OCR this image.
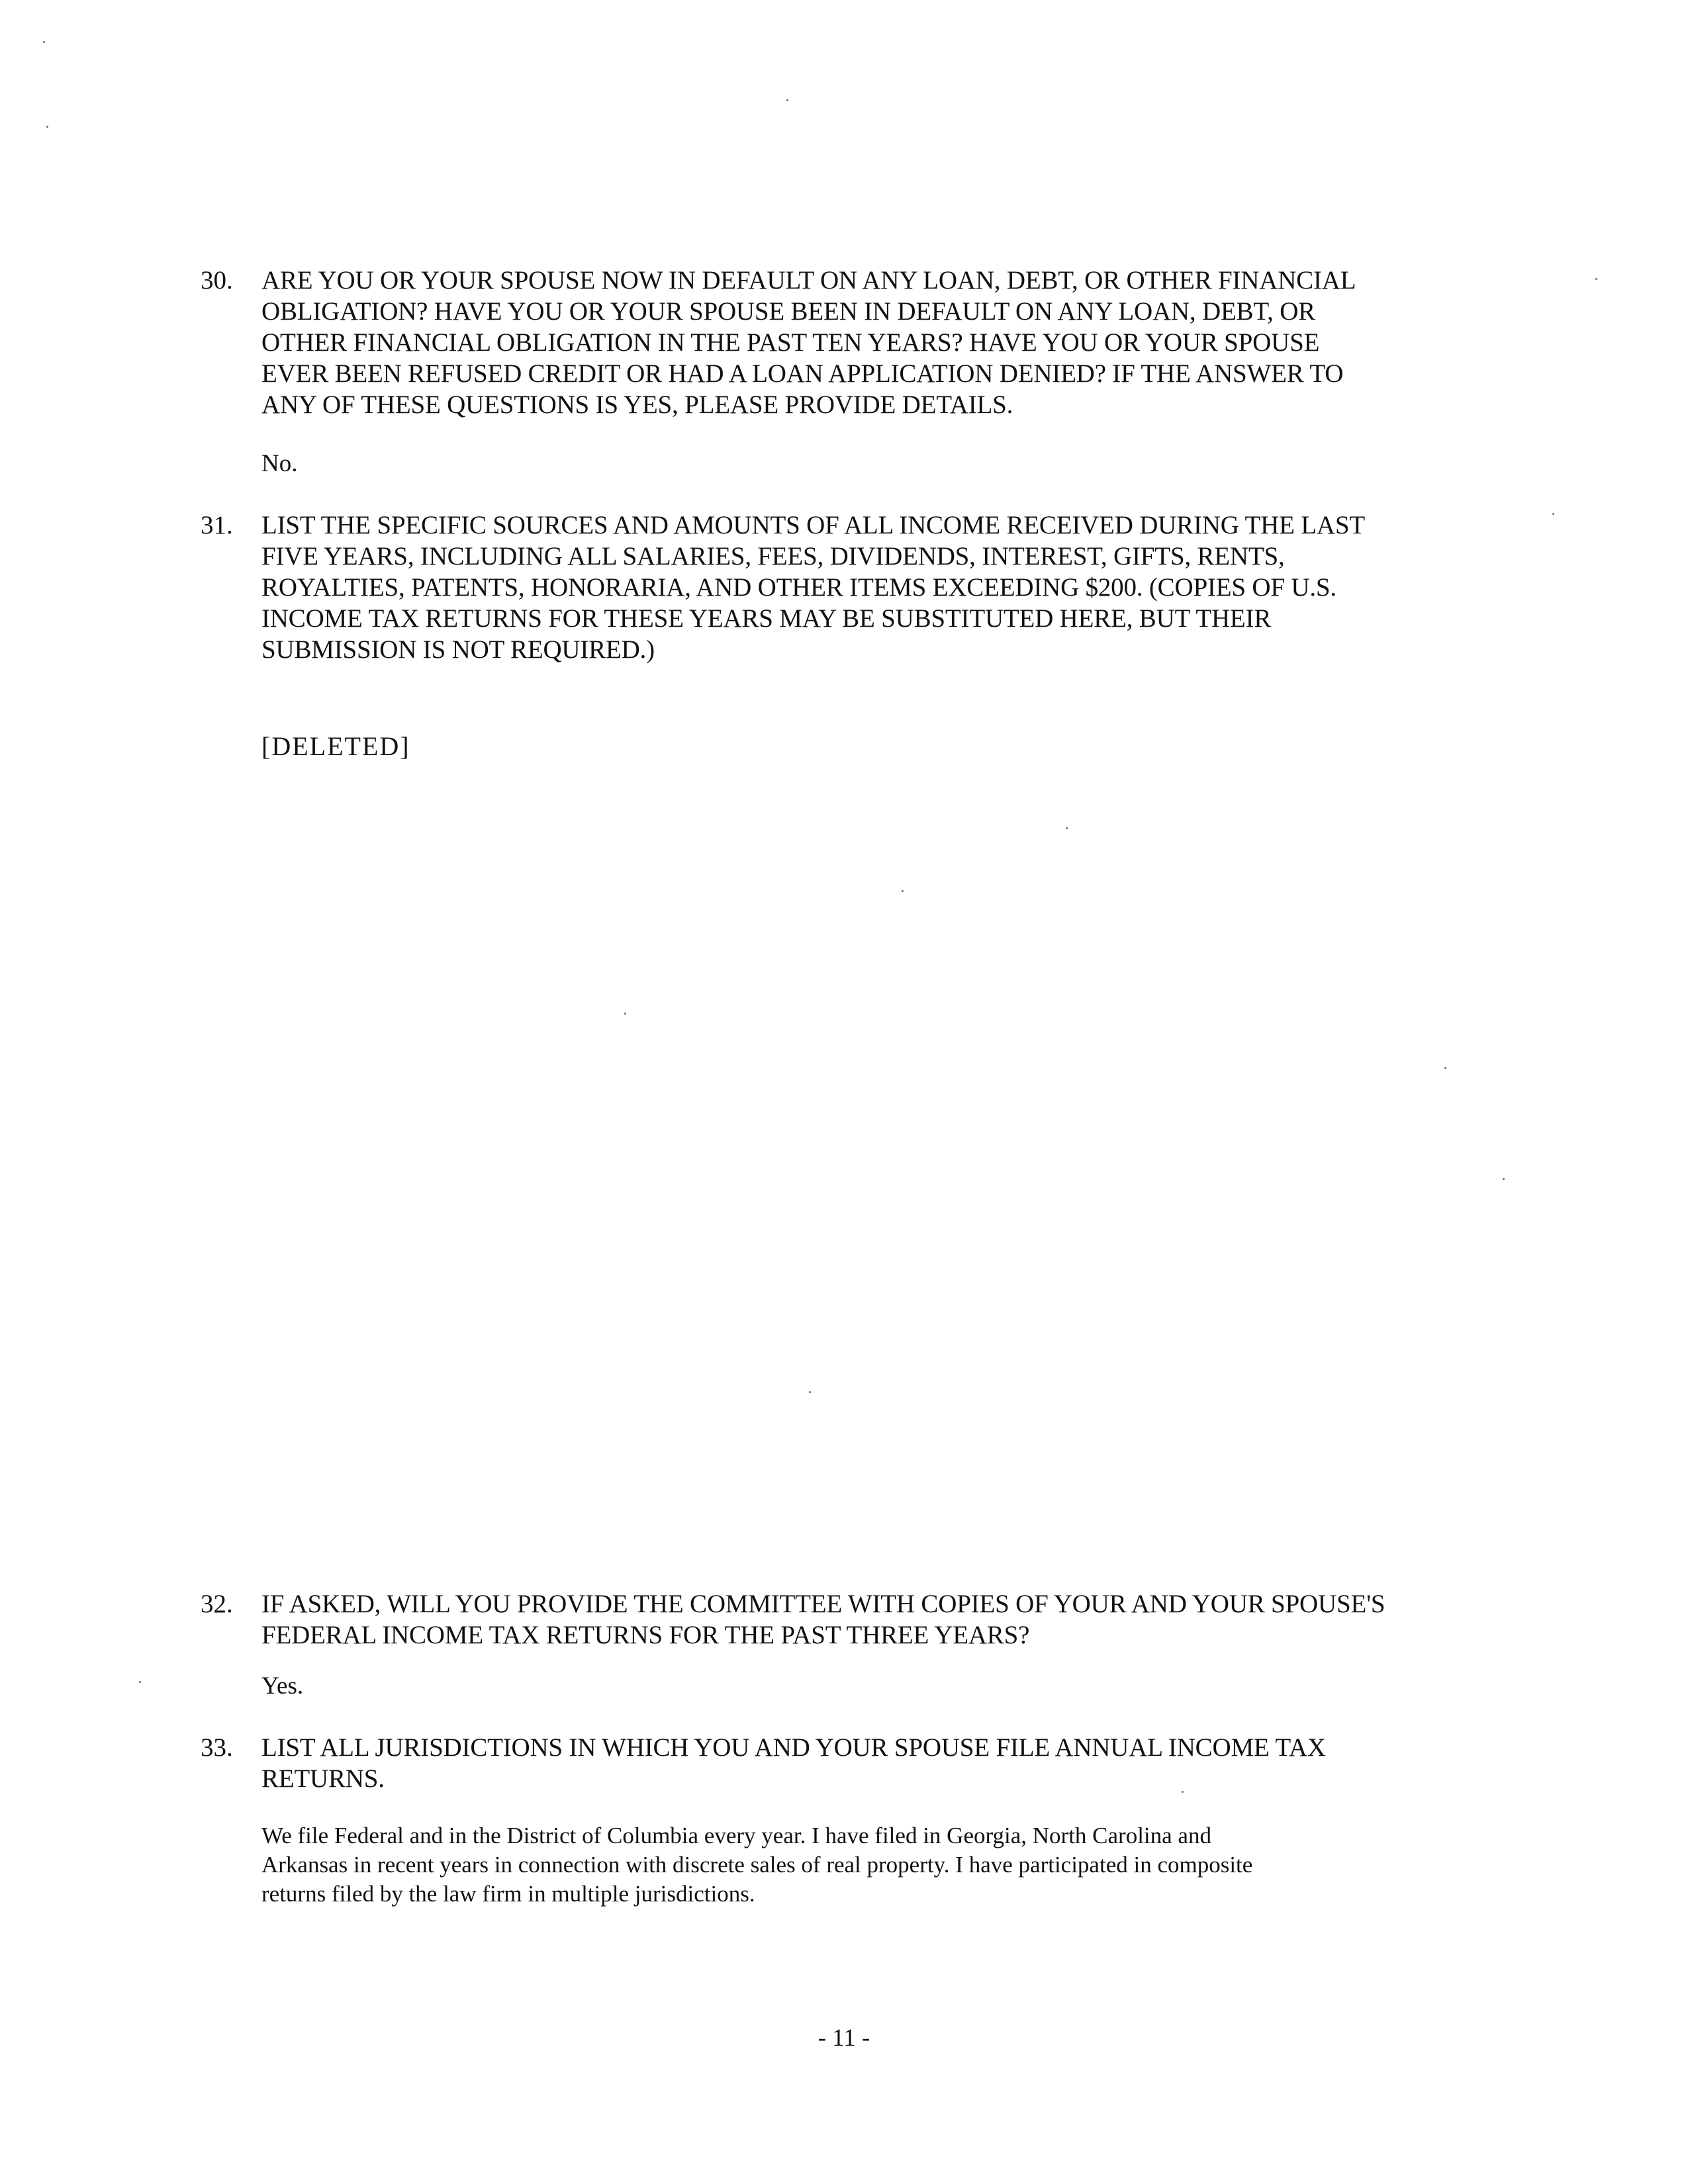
30. ARE YOU OR YOUR SPOUSE NOW IN DEFAULT ON ANY LOAN, DEBT, OR OTHER FINANCIAL
OBLIGATION? HAVE YOU OR YOUR SPOUSE BEEN IN DEFAULT ON ANY LOAN, DEBT, OR
OTHER FINANCIAL OBLIGATION IN THE PAST TEN YEARS? HAVE YOU OR YOUR SPOUSE
EVER BEEN REFUSED CREDIT OR HAD A LOAN APPLICATION DENIED? IF THE ANSWER TO
ANY OF THESE QUESTIONS IS YES, PLEASE PROVIDE DETAILS.
No.
31. LIST THE SPECIFIC SOURCES AND AMOUNTS OF ALL INCOME RECEIVED DURING THE LAST
FIVE YEARS, INCLUDING ALL SALARIES, FEES, DIVIDENDS, INTEREST, GIFTS, RENTS,
ROYALTIES, PATENTS, HONORARIA, AND OTHER ITEMS EXCEEDING $200. (COPIES OF U.S.
INCOME TAX RETURNS FOR THESE YEARS MAY BE SUBSTITUTED HERE, BUT THEIR
SUBMISSION IS NOT REQUIRED.)
[DELETED]
32. IF ASKED, WILL YOU PROVIDE THE COMMITTEE WITH COPIES OF YOUR AND YOUR SPOUSE'S
FEDERAL INCOME TAX RETURNS FOR THE PAST THREE YEARS?
Yes.
33. LIST ALL JURISDICTIONS IN WHICH YOU AND YOUR SPOUSE FILE ANNUAL INCOME TAX
RETURNS.
We file Federal and in the District of Columbia every year. I have filed in Georgia, North Carolina and
Arkansas in recent years in connection with discrete sales of real property. I have participated in composite
returns filed by the law firm in multiple jurisdictions.
- 11 -
